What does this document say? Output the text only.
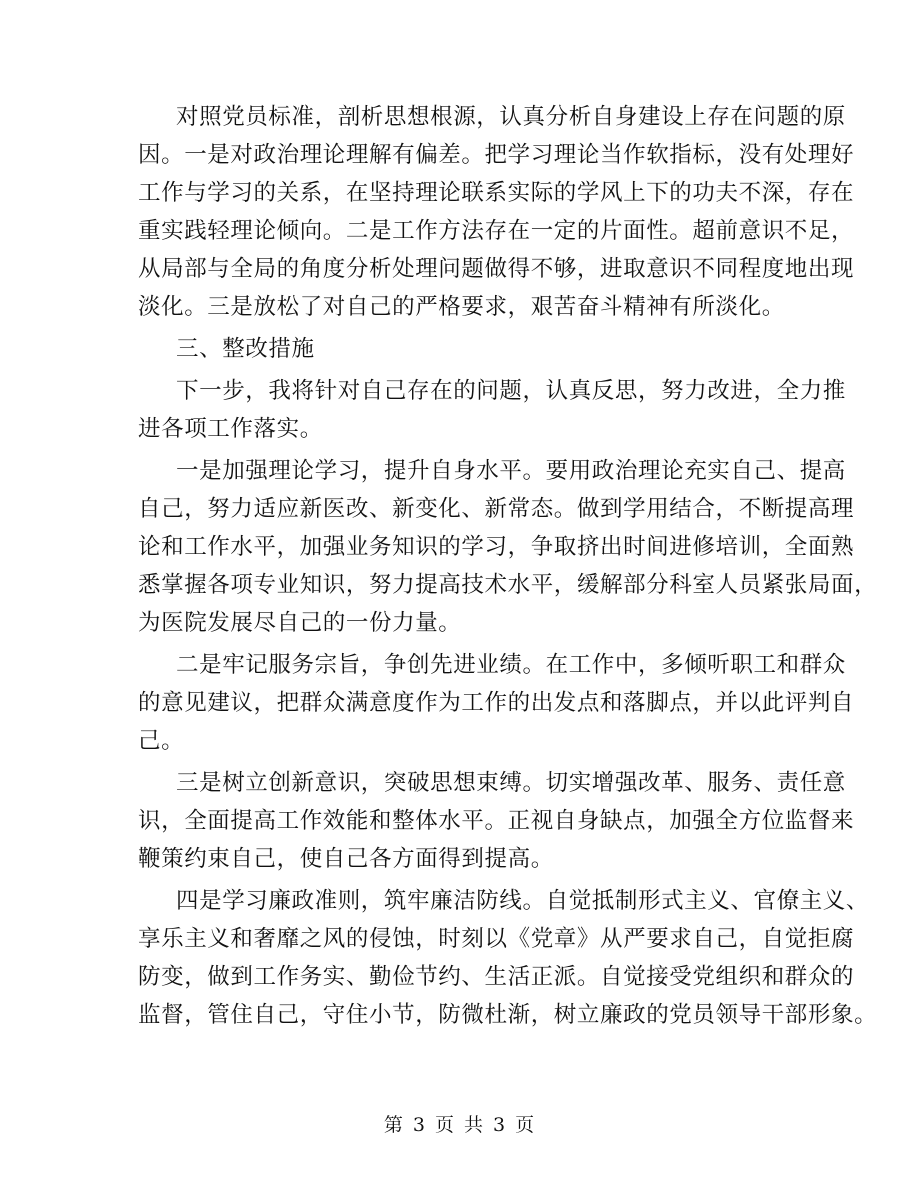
对照党员标准，剖析思想根源，认真分析自身建设上存在问题的原
因。一是对政治理论理解有偏差。把学习理论当作软指标，没有处理好
工作与学习的关系，在坚持理论联系实际的学风上下的功夫不深，存在
重实践轻理论倾向。二是工作方法存在一定的片面性。超前意识不足，
从局部与全局的角度分析处理问题做得不够，进取意识不同程度地出现
淡化。三是放松了对自己的严格要求，艰苦奋斗精神有所淡化。
三、整改措施
下一步，我将针对自己存在的问题，认真反思，努力改进，全力推
进各项工作落实。
一是加强理论学习，提升自身水平。要用政治理论充实自己、提高
自己，努力适应新医改、新变化、新常态。做到学用结合，不断提高理
论和工作水平，加强业务知识的学习，争取挤出时间进修培训，全面熟
悉掌握各项专业知识，努力提高技术水平，缓解部分科室人员紧张局面，
为医院发展尽自己的一份力量。
二是牢记服务宗旨，争创先进业绩。在工作中，多倾听职工和群众
的意见建议，把群众满意度作为工作的出发点和落脚点，并以此评判自
己。
三是树立创新意识，突破思想束缚。切实增强改革、服务、责任意
识，全面提高工作效能和整体水平。正视自身缺点，加强全方位监督来
鞭策约束自己，使自己各方面得到提高。
四是学习廉政准则，筑牢廉洁防线。自觉抵制形式主义、官僚主义、
享乐主义和奢靡之风的侵蚀，时刻以《党章》从严要求自己，自觉拒腐
防变，做到工作务实、勤俭节约、生活正派。自觉接受党组织和群众的
监督，管住自己，守住小节，防微杜渐，树立廉政的党员领导干部形象。
第 3 页 共 3 页
